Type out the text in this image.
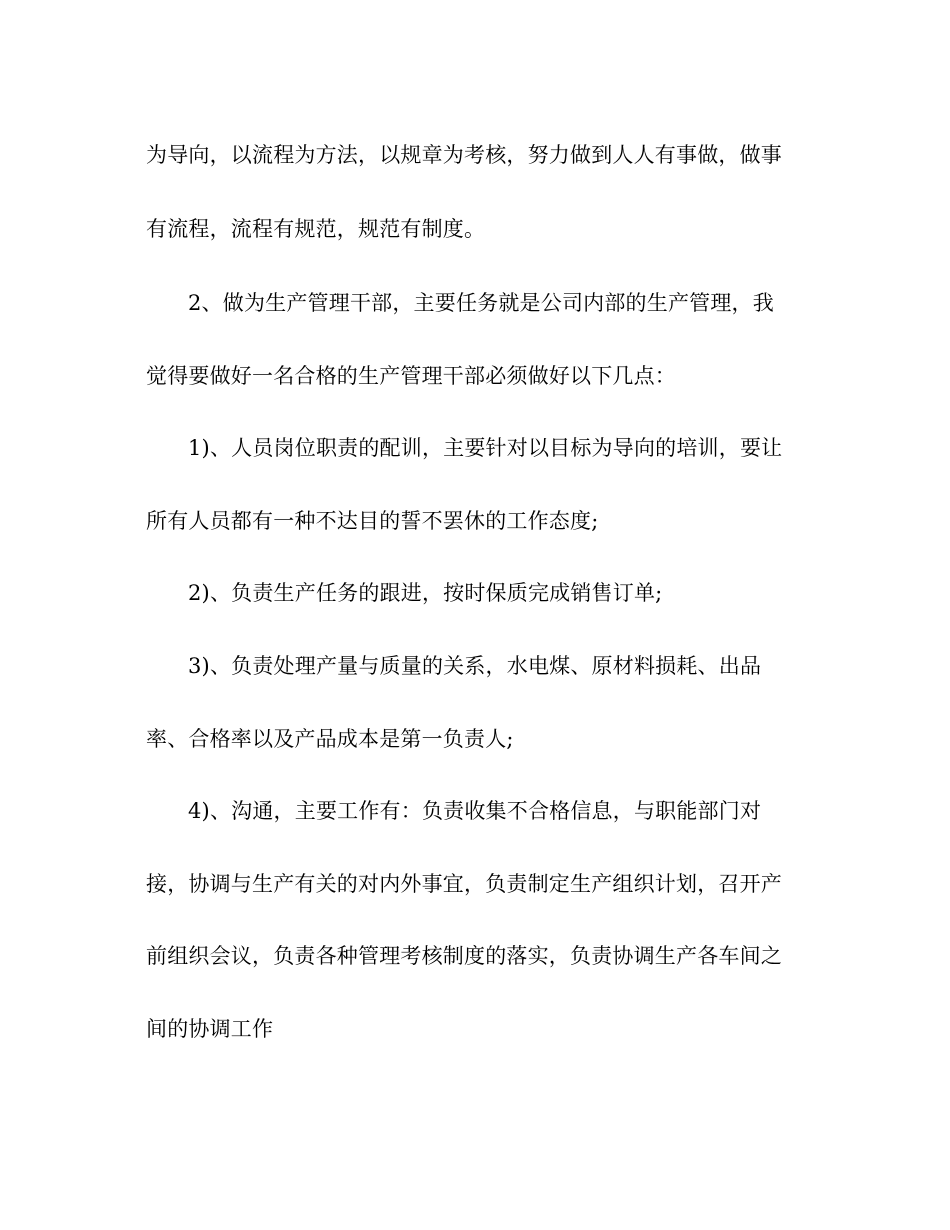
为导向，以流程为方法，以规章为考核，努力做到人人有事做，做事
有流程，流程有规范，规范有制度。
2、做为生产管理干部，主要任务就是公司内部的生产管理，我
觉得要做好一名合格的生产管理干部必须做好以下几点：
1)、人员岗位职责的配训，主要针对以目标为导向的培训，要让
所有人员都有一种不达目的誓不罢休的工作态度;
2)、负责生产任务的跟进，按时保质完成销售订单;
3)、负责处理产量与质量的关系，水电煤、原材料损耗、出品
率、合格率以及产品成本是第一负责人;
4)、沟通，主要工作有：负责收集不合格信息，与职能部门对
接，协调与生产有关的对内外事宜，负责制定生产组织计划，召开产
前组织会议，负责各种管理考核制度的落实，负责协调生产各车间之
间的协调工作
